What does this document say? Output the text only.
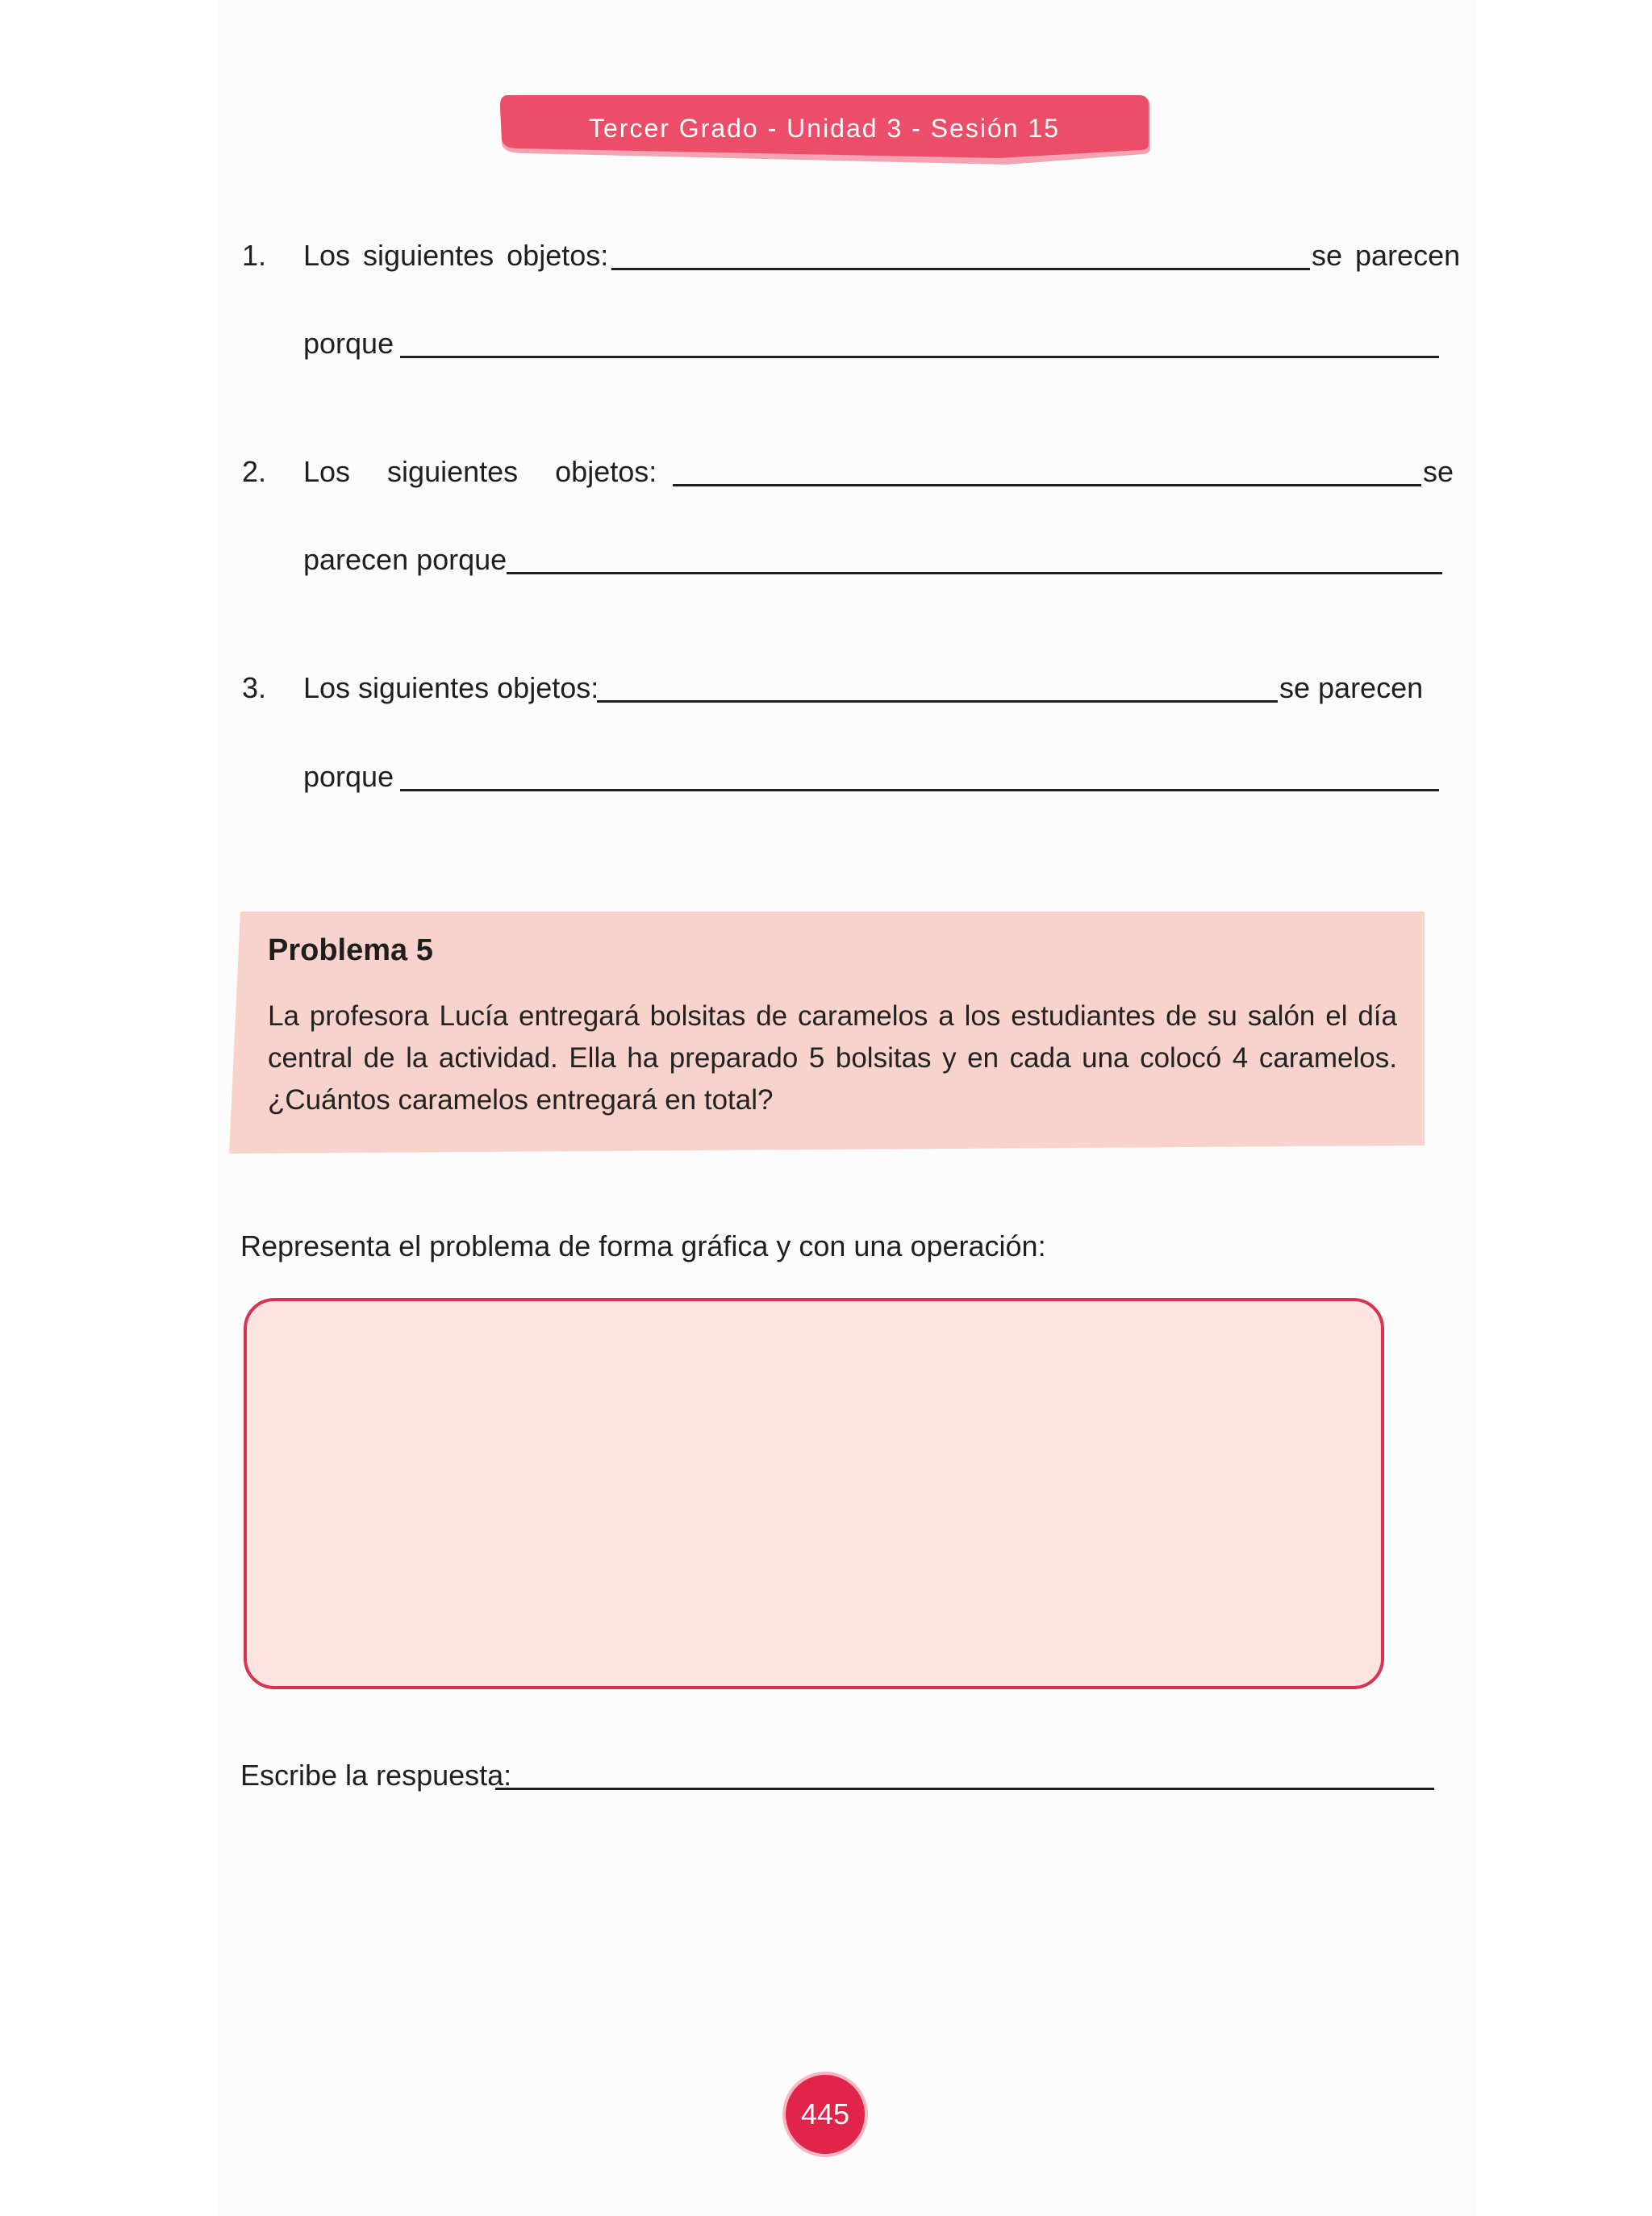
Tercer Grado - Unidad 3 - Sesión 15
1. Los siguientes objetos:	se parecen
porque
2. Los siguientes objetos:	se
parecen porque
3. Los siguientes objetos:	se parecen
porque
Problema 5
La profesora Lucía entregará bolsitas de caramelos a los estudiantes de su salón el día central de la actividad. Ella ha preparado 5 bolsitas y en cada una colocó 4 caramelos. ¿Cuántos caramelos entregará en total?
Representa el problema de forma gráfica y con una operación:
Escribe la respuesta:
445
